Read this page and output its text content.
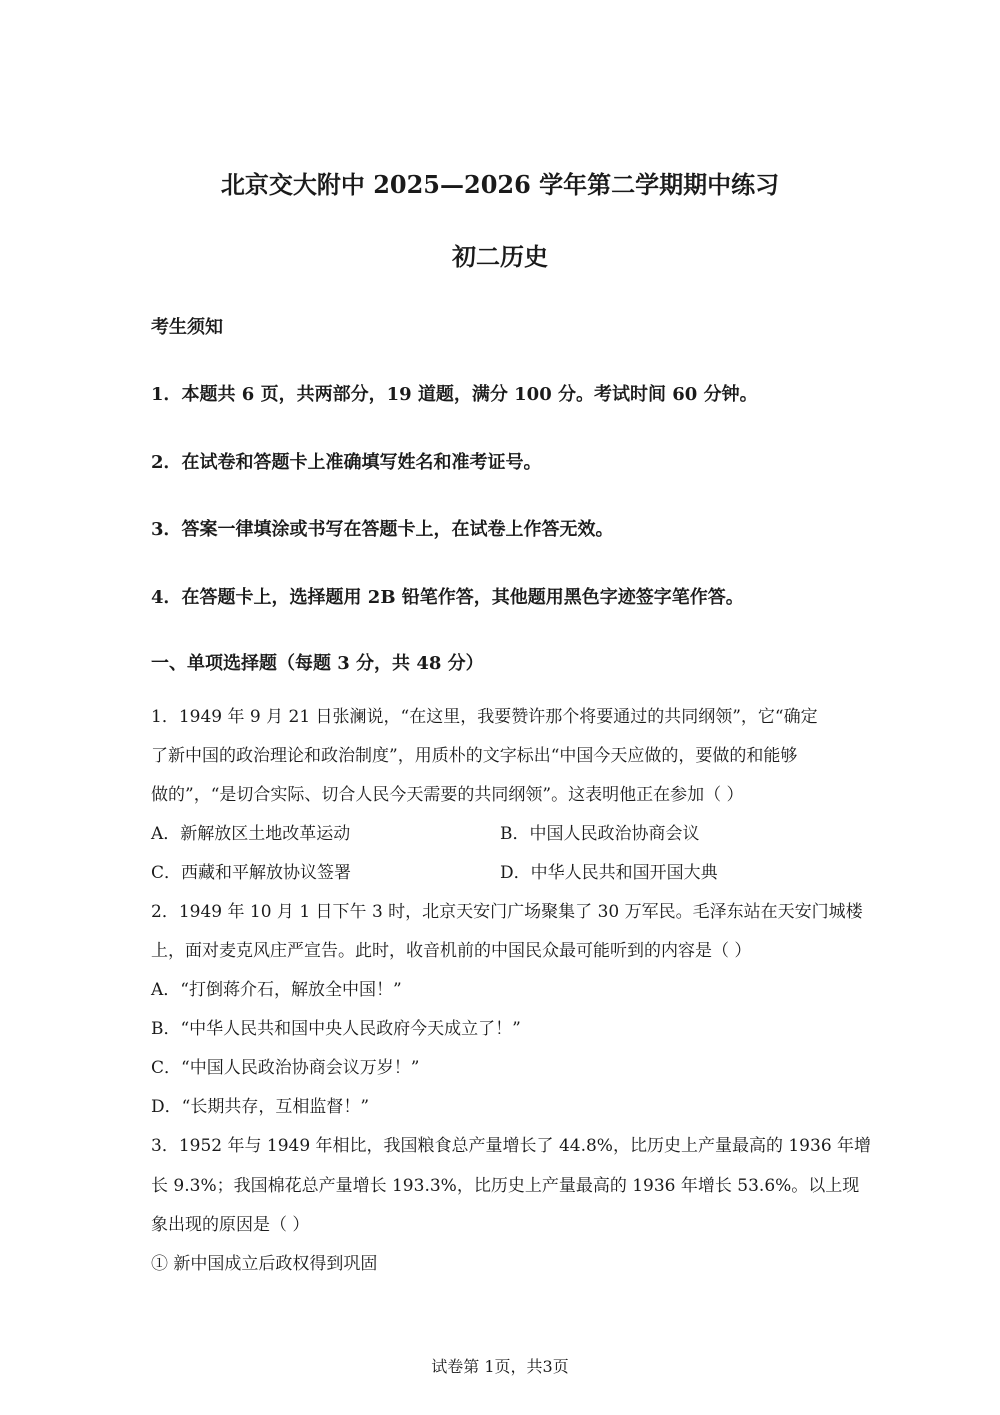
北京交大附中 2025—2026 学年第二学期期中练习
初二历史
考生须知
1．本题共 6 页，共两部分，19 道题，满分 100 分。考试时间 60 分钟。
2．在试卷和答题卡上准确填写姓名和准考证号。
3．答案一律填涂或书写在答题卡上，在试卷上作答无效。
4．在答题卡上，选择题用 2B 铅笔作答，其他题用黑色字迹签字笔作答。
一、单项选择题（每题 3 分，共 48 分）
1．1949 年 9 月 21 日张澜说，“在这里，我要赞许那个将要通过的共同纲领”，它“确定
了新中国的政治理论和政治制度”，用质朴的文字标出“中国今天应做的，要做的和能够
做的”，“是切合实际、切合人民今天需要的共同纲领”。这表明他正在参加（ ）
A．新解放区土地改革运动	B．中国人民政治协商会议
C．西藏和平解放协议签署	D．中华人民共和国开国大典
2．1949 年 10 月 1 日下午 3 时，北京天安门广场聚集了 30 万军民。毛泽东站在天安门城楼
上，面对麦克风庄严宣告。此时，收音机前的中国民众最可能听到的内容是（ ）
A．“打倒蒋介石，解放全中国！”
B．“中华人民共和国中央人民政府今天成立了！”
C．“中国人民政治协商会议万岁！”
D．“长期共存，互相监督！”
3．1952 年与 1949 年相比，我国粮食总产量增长了 44.8%，比历史上产量最高的 1936 年增
长 9.3%；我国棉花总产量增长 193.3%，比历史上产量最高的 1936 年增长 53.6%。以上现
象出现的原因是（ ）
① 新中国成立后政权得到巩固
试卷第 1页，共3页
